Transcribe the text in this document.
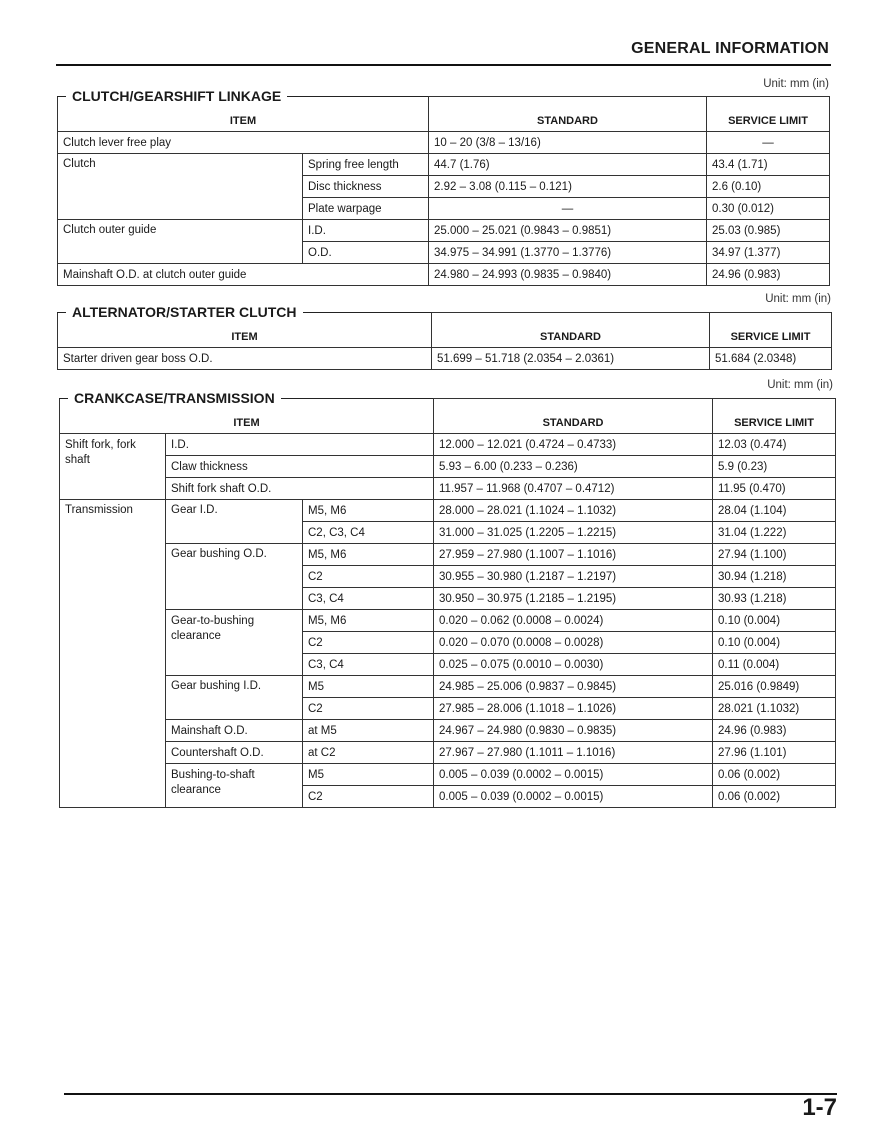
GENERAL INFORMATION
Unit: mm (in)
CLUTCH/GEARSHIFT LINKAGE
ITEM		STANDARD	SERVICE LIMIT
Clutch lever free play		10 – 20 (3/8 – 13/16)	—
Clutch	Spring free length	44.7 (1.76)	43.4 (1.71)
	Disc thickness	2.92 – 3.08 (0.115 – 0.121)	2.6 (0.10)
	Plate warpage	—	0.30 (0.012)
Clutch outer guide	I.D.	25.000 – 25.021 (0.9843 – 0.9851)	25.03 (0.985)
	O.D.	34.975 – 34.991 (1.3770 – 1.3776)	34.97 (1.377)
Mainshaft O.D. at clutch outer guide		24.980 – 24.993 (0.9835 – 0.9840)	24.96 (0.983)
Unit: mm (in)
ALTERNATOR/STARTER CLUTCH
ITEM	STANDARD	SERVICE LIMIT
Starter driven gear boss O.D.	51.699 – 51.718 (2.0354 – 2.0361)	51.684 (2.0348)
Unit: mm (in)
CRANKCASE/TRANSMISSION
ITEM			STANDARD	SERVICE LIMIT
Shift fork, fork shaft	I.D.		12.000 – 12.021 (0.4724 – 0.4733)	12.03 (0.474)
	Claw thickness		5.93 – 6.00 (0.233 – 0.236)	5.9 (0.23)
	Shift fork shaft O.D.		11.957 – 11.968 (0.4707 – 0.4712)	11.95 (0.470)
Transmission	Gear I.D.	M5, M6	28.000 – 28.021 (1.1024 – 1.1032)	28.04 (1.104)
		C2, C3, C4	31.000 – 31.025 (1.2205 – 1.2215)	31.04 (1.222)
	Gear bushing O.D.	M5, M6	27.959 – 27.980 (1.1007 – 1.1016)	27.94 (1.100)
		C2	30.955 – 30.980 (1.2187 – 1.2197)	30.94 (1.218)
		C3, C4	30.950 – 30.975 (1.2185 – 1.2195)	30.93 (1.218)
	Gear-to-bushing clearance	M5, M6	0.020 – 0.062 (0.0008 – 0.0024)	0.10 (0.004)
		C2	0.020 – 0.070 (0.0008 – 0.0028)	0.10 (0.004)
		C3, C4	0.025 – 0.075 (0.0010 – 0.0030)	0.11 (0.004)
	Gear bushing I.D.	M5	24.985 – 25.006 (0.9837 – 0.9845)	25.016 (0.9849)
		C2	27.985 – 28.006 (1.1018 – 1.1026)	28.021 (1.1032)
	Mainshaft O.D.	at M5	24.967 – 24.980 (0.9830 – 0.9835)	24.96 (0.983)
	Countershaft O.D.	at C2	27.967 – 27.980 (1.1011 – 1.1016)	27.96 (1.101)
	Bushing-to-shaft clearance	M5	0.005 – 0.039 (0.0002 – 0.0015)	0.06 (0.002)
		C2	0.005 – 0.039 (0.0002 – 0.0015)	0.06 (0.002)
1-7
